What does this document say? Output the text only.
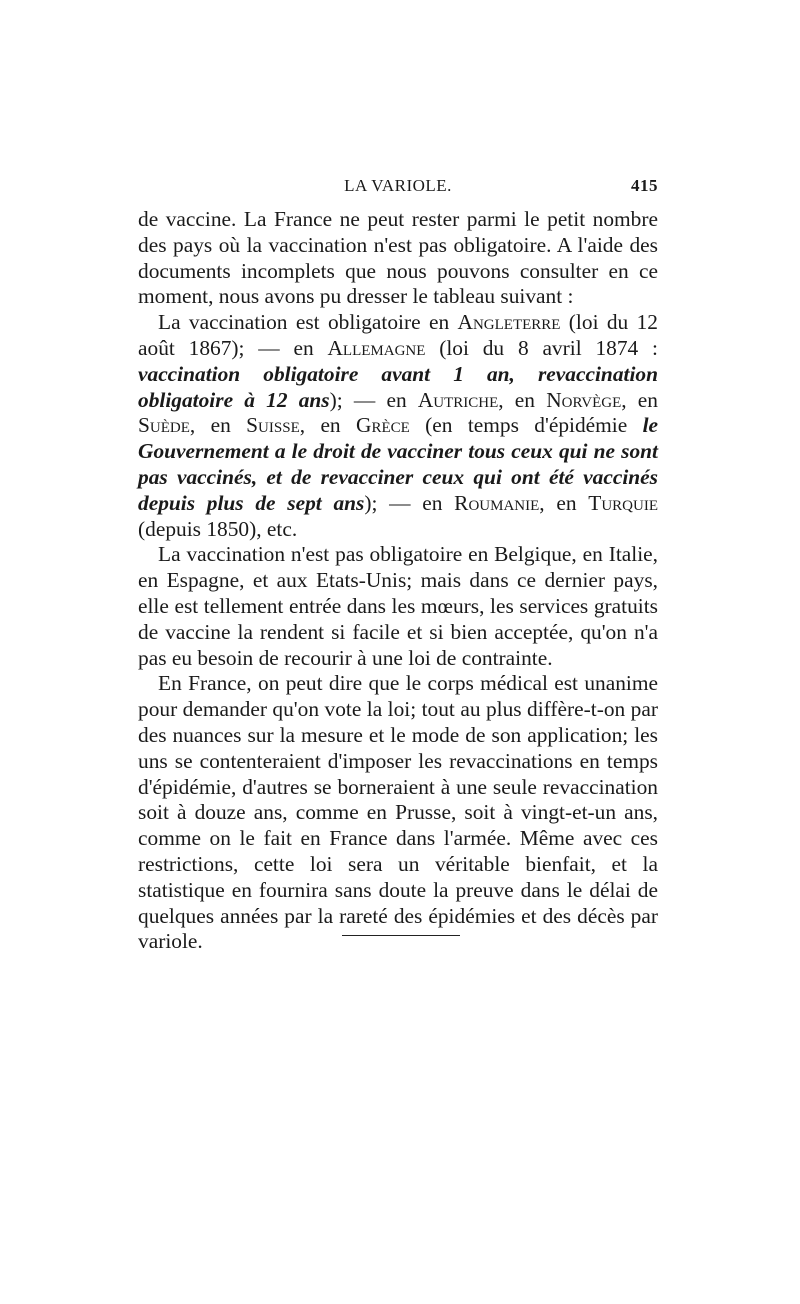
LA VARIOLE.	415

de vaccine. La France ne peut rester parmi le petit nombre des pays où la vaccination n'est pas obligatoire. A l'aide des documents incomplets que nous pouvons consulter en ce moment, nous avons pu dresser le tableau suivant :

La vaccination est obligatoire en Angleterre (loi du 12 août 1867); — en Allemagne (loi du 8 avril 1874 : vaccination obligatoire avant 1 an, revaccination obligatoire à 12 ans); — en Autriche, en Norvège, en Suède, en Suisse, en Grèce (en temps d'épidémie le Gouvernement a le droit de vacciner tous ceux qui ne sont pas vaccinés, et de revacciner ceux qui ont été vaccinés depuis plus de sept ans); — en Roumanie, en Turquie (depuis 1850), etc.

La vaccination n'est pas obligatoire en Belgique, en Italie, en Espagne, et aux Etats-Unis; mais dans ce dernier pays, elle est tellement entrée dans les mœurs, les services gratuits de vaccine la rendent si facile et si bien acceptée, qu'on n'a pas eu besoin de recourir à une loi de contrainte.

En France, on peut dire que le corps médical est unanime pour demander qu'on vote la loi; tout au plus diffère-t-on par des nuances sur la mesure et le mode de son application; les uns se contenteraient d'imposer les revaccinations en temps d'épidémie, d'autres se borneraient à une seule revaccination soit à douze ans, comme en Prusse, soit à vingt-et-un ans, comme on le fait en France dans l'armée. Même avec ces restrictions, cette loi sera un véritable bienfait, et la statistique en fournira sans doute la preuve dans le délai de quelques années par la rareté des épidémies et des décès par variole.
